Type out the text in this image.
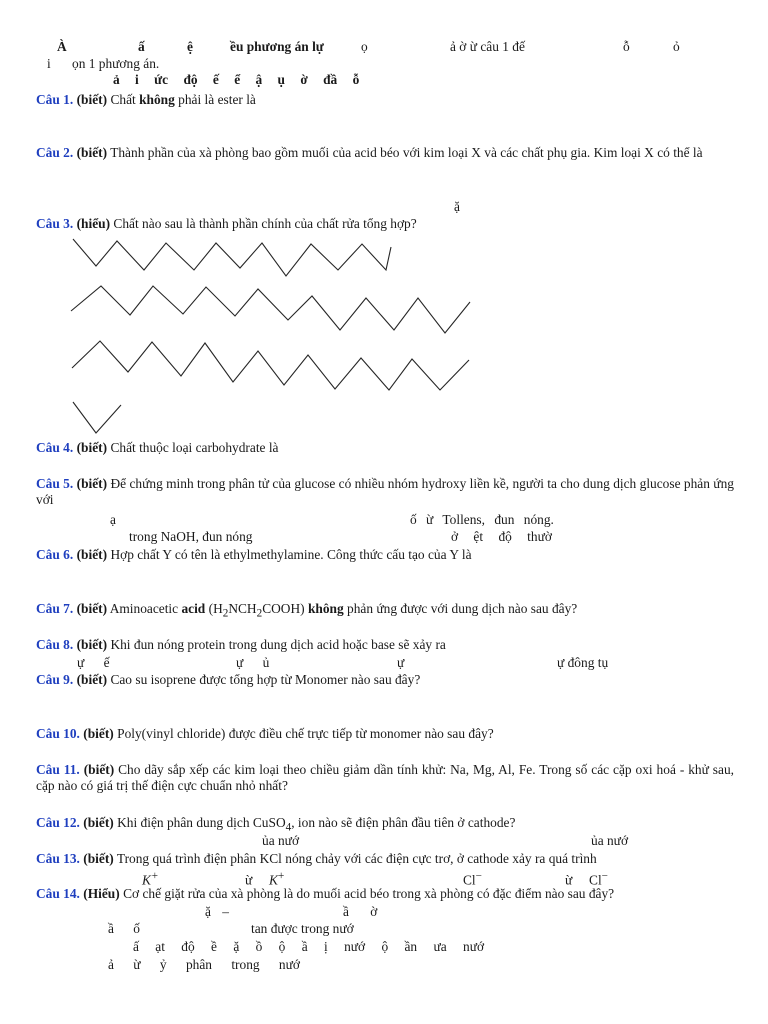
À	ấ	ệ	ều phương án lự	ọ	ả ờ ừ câu 1 đế	ỗ	ỏ
i ọn 1 phương án.
ả i ức độ ế ể ậ ụ ờ đầ ỗ
Câu 1. (biết) Chất không phải là ester là
Câu 2. (biết) Thành phần của xà phòng bao gồm muối của acid béo với kim loại X và các chất phụ gia. Kim loại X có thể là
ặ
Câu 3. (hiểu) Chất nào sau là thành phần chính của chất rửa tổng hợp?
Câu 4. (biết) Chất thuộc loại carbohydrate là
Câu 5. (biết) Để chứng minh trong phân tử của glucose có nhiều nhóm hydroxy liền kề, người ta cho dung dịch glucose phản ứng với
ạ	ố ừ Tollens, đun nóng.
trong NaOH, đun nóng	ở ệt độ thườ
Câu 6. (biết) Hợp chất Y có tên là ethylmethylamine. Công thức cấu tạo của Y là
Câu 7. (biết) Aminoacetic acid $(H_2NCH_2COOH)$ không phản ứng được với dung dịch nào sau đây?
Câu 8. (biết) Khi đun nóng protein trong dung dịch acid hoặc base sẽ xảy ra
ự ế	ự ủ	ự	ự đông tụ
Câu 9. (biết) Cao su isoprene được tổng hợp từ Monomer nào sau đây?
Câu 10. (biết) Poly(vinyl chloride) được điều chế trực tiếp từ monomer nào sau đây?
Câu 11. (biết) Cho dãy sắp xếp các kim loại theo chiều giảm dần tính khử: Na, Mg, Al, Fe. Trong số các cặp oxi hoá - khử sau, cặp nào có giá trị thế điện cực chuẩn nhỏ nhất?
Câu 12. (biết) Khi điện phân dung dịch CuSO$_4$, ion nào sẽ điện phân đầu tiên ở cathode?
ủa nướ	ủa nướ
Câu 13. (biết) Trong quá trình điện phân KCl nóng chảy với các điện cực trơ, ở cathode xảy ra quá trình
K+	ừ K+	Cl−	ừ Cl−
Câu 14. (Hiểu) Cơ chế giặt rửa của xà phòng là do muối acid béo trong xà phòng có đặc điểm nào sau đây?
ặ –	ầ ờ
ầ ố	tan được trong nướ
ấ ạt độ ề ặ ồ ộ ầ ị nướ ộ ần ưa nướ
ả ừ ỷ phân trong nướ
